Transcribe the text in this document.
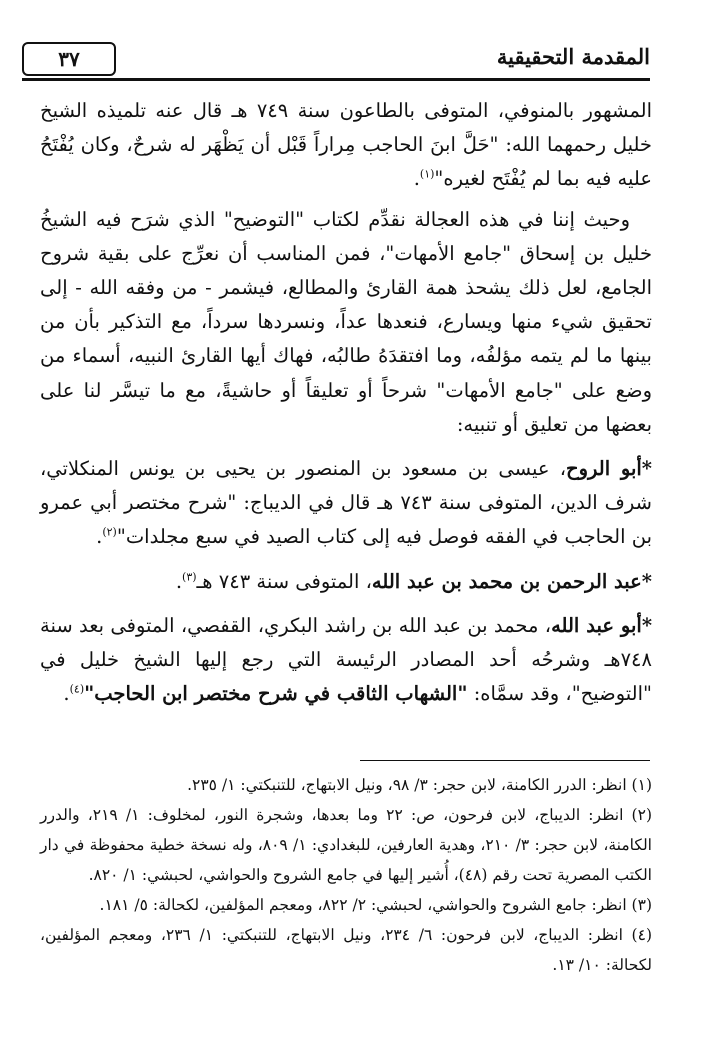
المقدمة التحقيقية
٣٧

المشهور بالمنوفي، المتوفى بالطاعون سنة ٧٤٩ هـ قال عنه تلميذه الشيخ خليل رحمهما الله: "حَلَّ ابنَ الحاجب مِراراً قَبْل أن يَظْهَر له شرحٌ، وكان يُفْتَحُ عليه فيه بما لم يُفْتَح لغيره"$^{(١)}$.

وحيث إننا في هذه العجالة نقدِّم لكتاب "التوضيح" الذي شرَح فيه الشيخُ خليل بن إسحاق "جامع الأمهات"، فمن المناسب أن نعرِّج على بقية شروح الجامع، لعل ذلك يشحذ همة القارئ والمطالع، فيشمر - من وفقه الله - إلى تحقيق شيء منها ويسارع، فنعدها عداً، ونسردها سرداً، مع التذكير بأن من بينها ما لم يتمه مؤلفُه، وما افتقدَهُ طالبُه، فهاك أيها القارئ النبيه، أسماء من وضع على "جامع الأمهات" شرحاً أو تعليقاً أو حاشيةً، مع ما تيسَّر لنا على بعضها من تعليق أو تنبيه:

*أبو الروح، عيسى بن مسعود بن المنصور بن يحيى بن يونس المنكلاتي، شرف الدين، المتوفى سنة ٧٤٣ هـ قال في الديباج: "شرح مختصر أبي عمرو بن الحاجب في الفقه فوصل فيه إلى كتاب الصيد في سبع مجلدات"$^{(٢)}$.

*عبد الرحمن بن محمد بن عبد الله، المتوفى سنة ٧٤٣ هـ$^{(٣)}$.

*أبو عبد الله، محمد بن عبد الله بن راشد البكري، القفصي، المتوفى بعد سنة ٧٤٨هـ وشرحُه أحد المصادر الرئيسة التي رجع إليها الشيخ خليل في "التوضيح"، وقد سمَّاه: "الشهاب الثاقب في شرح مختصر ابن الحاجب"$^{(٤)}$.

(١) انظر: الدرر الكامنة، لابن حجر: ٣/ ٩٨، ونيل الابتهاج، للتنبكتي: ١/ ٢٣٥.

(٢) انظر: الديباج، لابن فرحون، ص: ٢٢ وما بعدها، وشجرة النور، لمخلوف: ١/ ٢١٩، والدرر الكامنة، لابن حجر: ٣/ ٢١٠، وهدية العارفين، للبغدادي: ١/ ٨٠٩، وله نسخة خطية محفوظة في دار الكتب المصرية تحت رقم (٤٨)، أُشير إليها في جامع الشروح والحواشي، لحبشي: ١/ ٨٢٠.

(٣) انظر: جامع الشروح والحواشي، لحبشي: ٢/ ٨٢٢، ومعجم المؤلفين، لكحالة: ٥/ ١٨١.

(٤) انظر: الديباج، لابن فرحون: ٦/ ٢٣٤، ونيل الابتهاج، للتنبكتي: ١/ ٢٣٦، ومعجم المؤلفين، لكحالة: ١٠/ ١٣.
